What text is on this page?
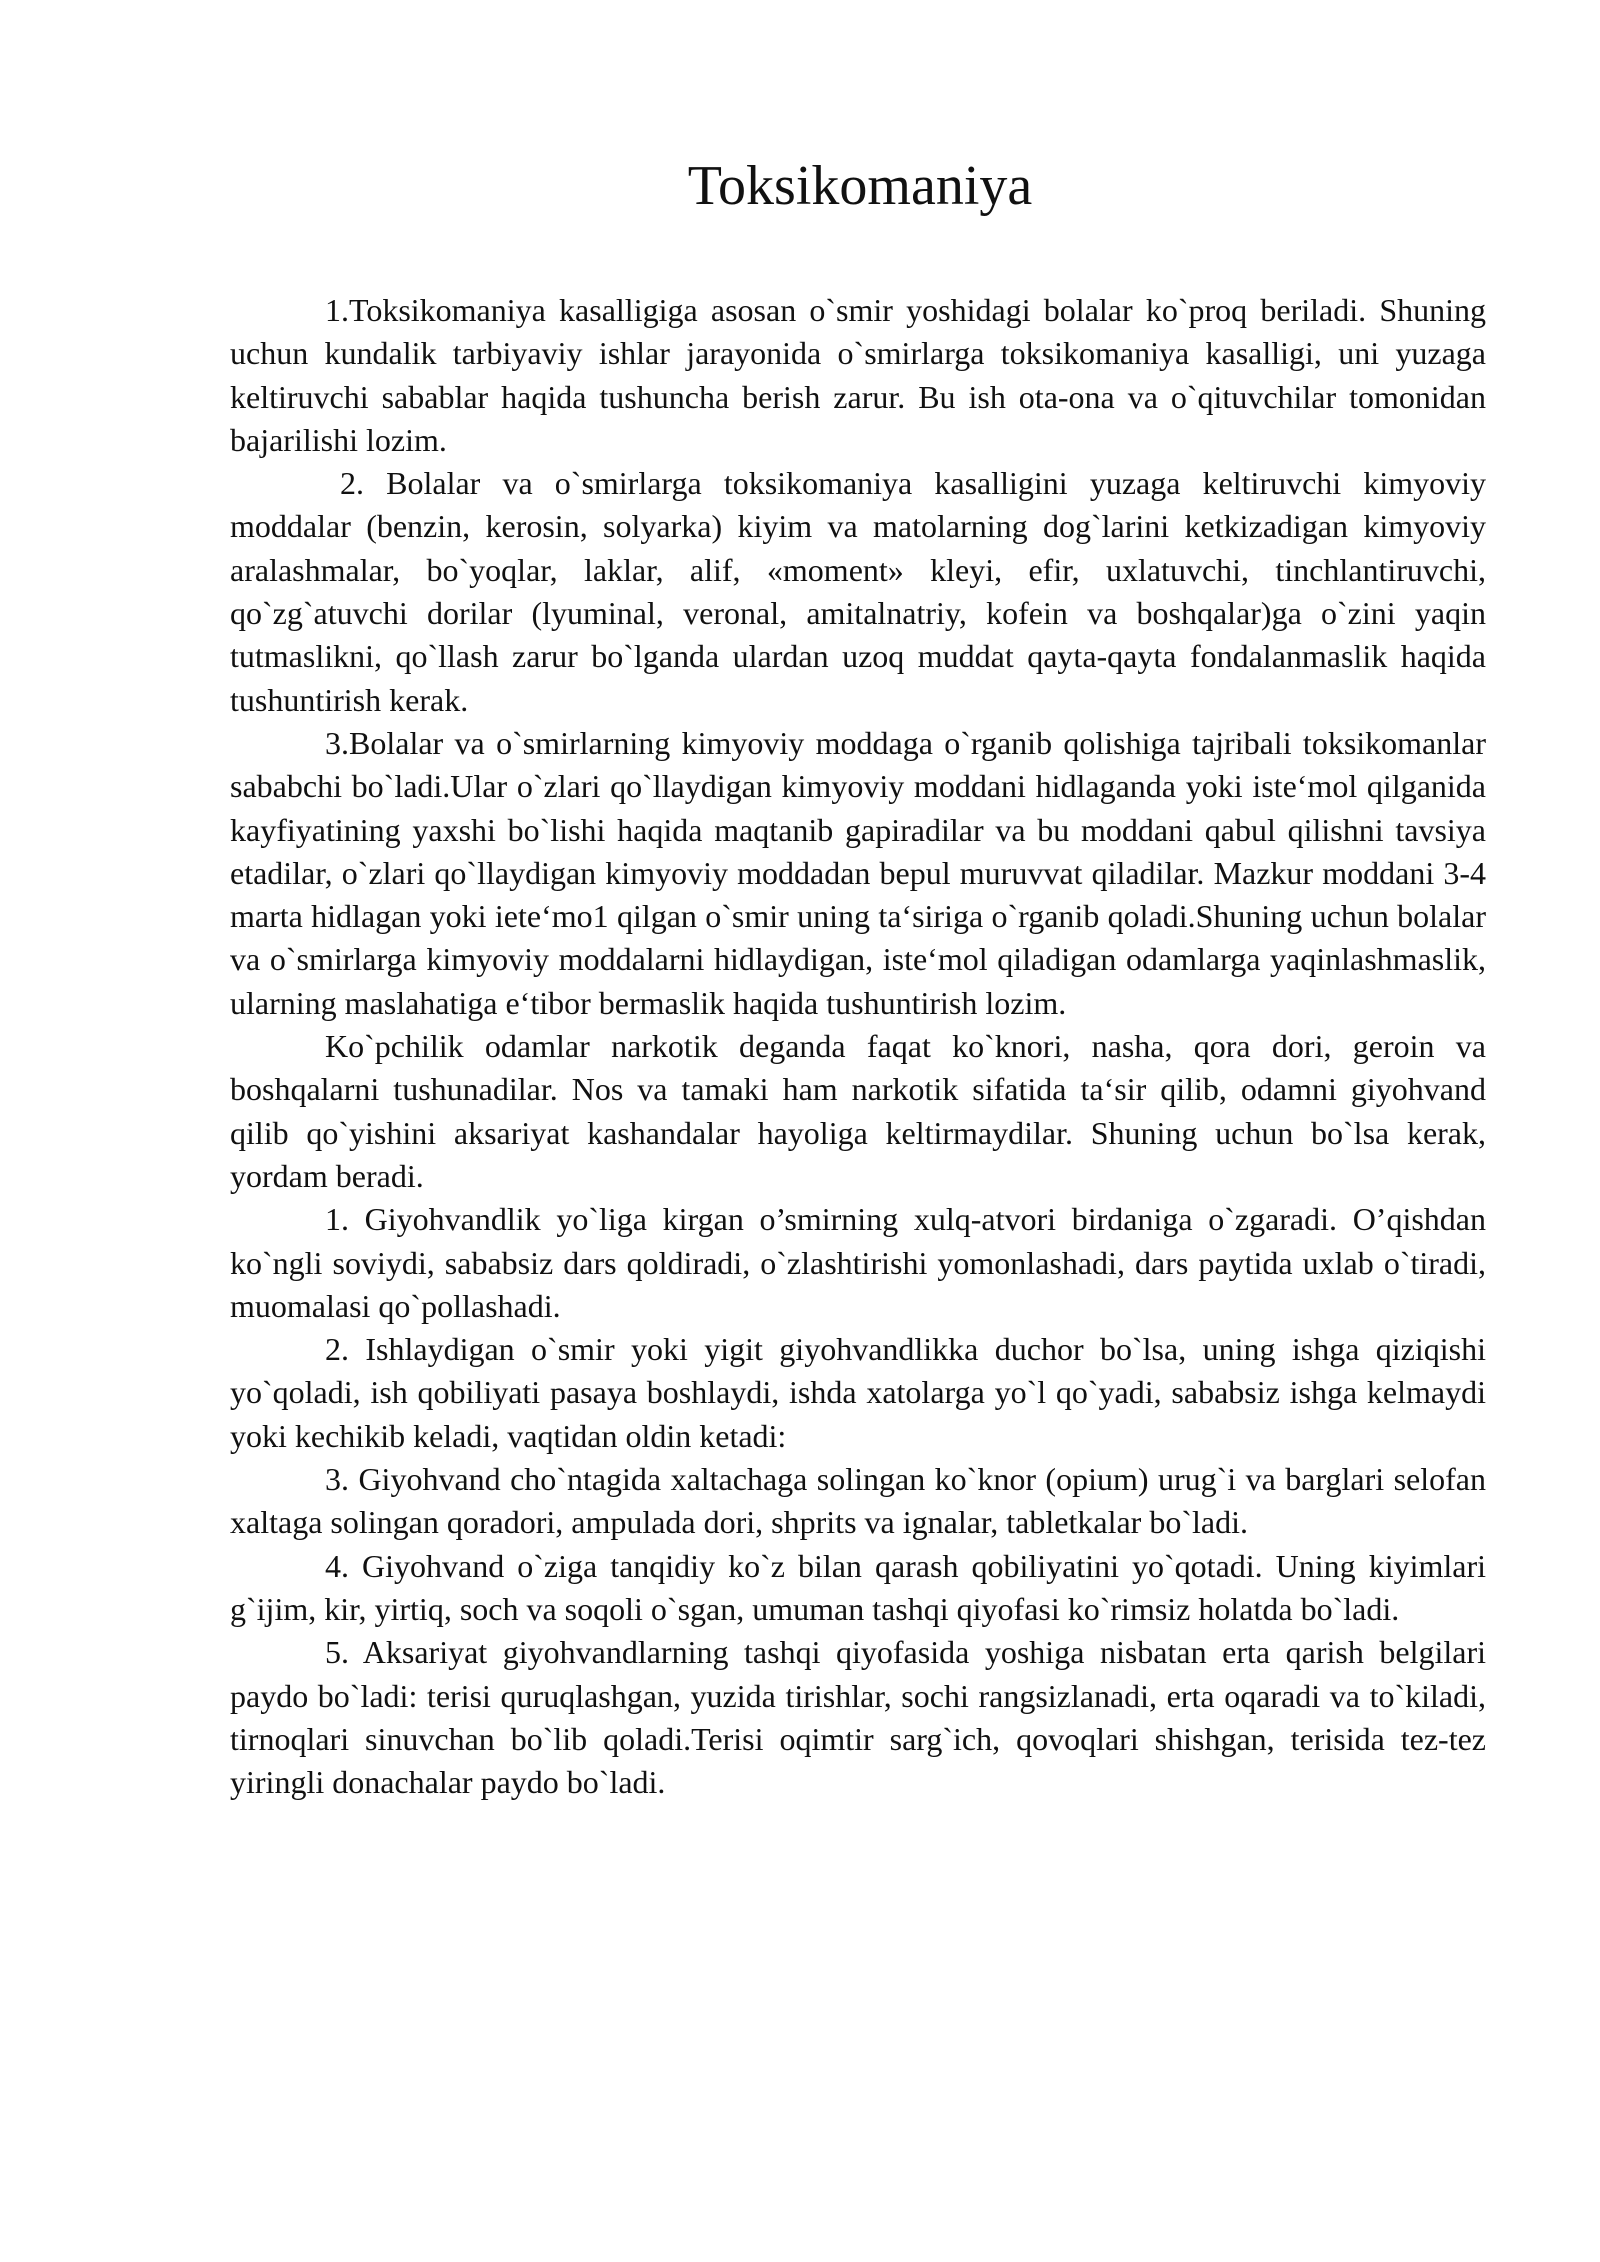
Toksikomaniya

1.Toksikomaniya kasalligiga asosan o`smir yoshidagi bolalar ko`proq beriladi. Shuning uchun kundalik tarbiyaviy ishlar jarayonida o`smirlarga toksikomaniya kasalligi, uni yuzaga keltiruvchi sabablar haqida tushuncha berish zarur. Bu ish ota-ona va o`qituvchilar tomonidan bajarilishi lozim.

2. Bolalar va o`smirlarga toksikomaniya kasalligini yuzaga keltiruvchi kimyoviy moddalar (benzin, kerosin, solyarka) kiyim va matolarning dog`larini ketkizadigan kimyoviy aralashmalar, bo`yoqlar, laklar, alif, «moment» kleyi, efir, uxlatuvchi, tinchlantiruvchi, qo`zg`atuvchi dorilar (lyuminal, veronal, amitalnatriy, kofein va boshqalar)ga o`zini yaqin tutmaslikni, qo`llash zarur bo`lganda ulardan uzoq muddat qayta-qayta fondalanmaslik haqida tushuntirish kerak.

3.Bolalar va o`smirlarning kimyoviy moddaga o`rganib qolishiga tajribali toksikomanlar sababchi bo`ladi.Ular o`zlari qo`llaydigan kimyoviy moddani hidlaganda yoki iste‘mol qilganida kayfiyatining yaxshi bo`lishi haqida maqtanib gapiradilar va bu moddani qabul qilishni tavsiya etadilar, o`zlari qo`llaydigan kimyoviy moddadan bepul muruvvat qiladilar. Mazkur moddani 3-4 marta hidlagan yoki iete‘mo1 qilgan o`smir uning ta‘siriga o`rganib qoladi.Shuning uchun bolalar va o`smirlarga kimyoviy moddalarni hidlaydigan, iste‘mol qiladigan odamlarga yaqinlashmaslik, ularning maslahatiga e‘tibor bermaslik haqida tushuntirish lozim.

Ko`pchilik odamlar narkotik deganda faqat ko`knori, nasha, qora dori, geroin va boshqalarni tushunadilar. Nos va tamaki ham narkotik sifatida ta‘sir qilib, odamni giyohvand qilib qo`yishini aksariyat kashandalar hayoliga keltirmaydilar. Shuning uchun bo`lsa kerak, yordam beradi.

1. Giyohvandlik yo`liga kirgan o’smirning xulq-atvori birdaniga o`zgaradi. O’qishdan ko`ngli soviydi, sababsiz dars qoldiradi, o`zlashtirishi yomonlashadi, dars paytida uxlab o`tiradi, muomalasi qo`pollashadi.

2. Ishlaydigan o`smir yoki yigit giyohvandlikka duchor bo`lsa, uning ishga qiziqishi yo`qoladi, ish qobiliyati pasaya boshlaydi, ishda xatolarga yo`l qo`yadi, sababsiz ishga kelmaydi yoki kechikib keladi, vaqtidan oldin ketadi:

3. Giyohvand cho`ntagida xaltachaga solingan ko`knor (opium) urug`i va barglari selofan xaltaga solingan qoradori, ampulada dori, shprits va ignalar, tabletkalar bo`ladi.

4. Giyohvand o`ziga tanqidiy ko`z bilan qarash qobiliyatini yo`qotadi. Uning kiyimlari g`ijim, kir, yirtiq, soch va soqoli o`sgan, umuman tashqi qiyofasi ko`rimsiz holatda bo`ladi.

5. Aksariyat giyohvandlarning tashqi qiyofasida yoshiga nisbatan erta qarish belgilari paydo bo`ladi: terisi quruqlashgan, yuzida tirishlar, sochi rangsizlanadi, erta oqaradi va to`kiladi, tirnoqlari sinuvchan bo`lib qoladi.Terisi oqimtir sarg`ich, qovoqlari shishgan, terisida tez-tez yiringli donachalar paydo bo`ladi.
